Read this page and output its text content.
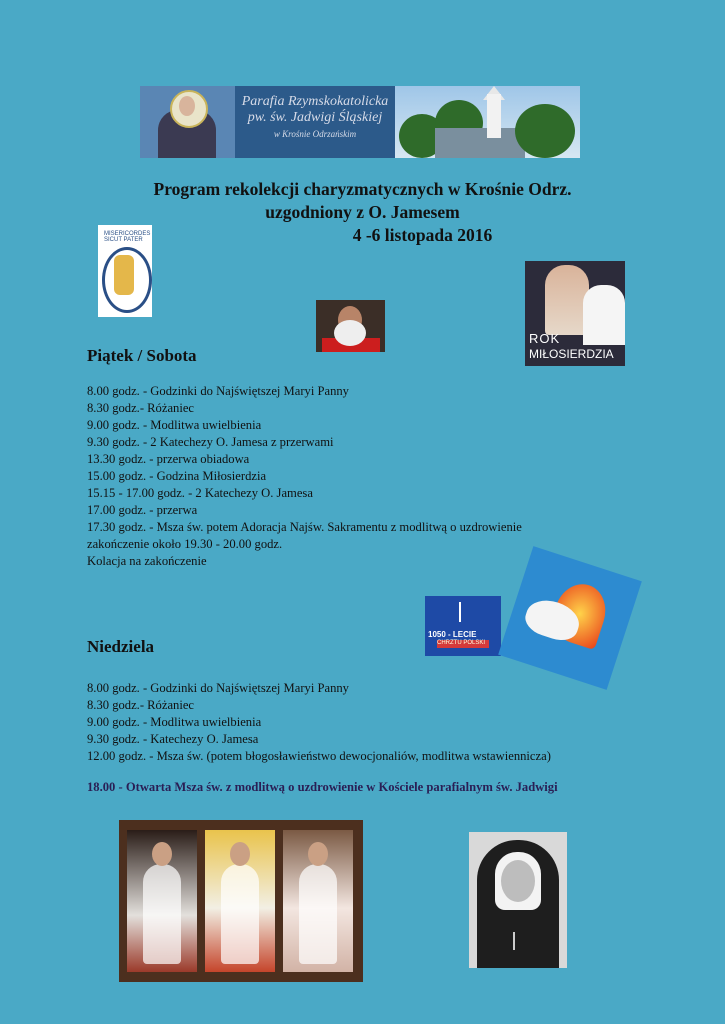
Parafia Rzymskokatolicka
pw. św. Jadwigi Śląskiej
w Krośnie Odrzańskim
Program rekolekcji charyzmatycznych w Krośnie Odrz.
uzgodniony z O. Jamesem
4 -6 listopada 2016
MISERICORDES SICUT PATER
ROK
MIŁOSIERDZIA
Piątek / Sobota
8.00 godz. - Godzinki do Najświętszej Maryi Panny
8.30 godz.- Różaniec
9.00 godz. - Modlitwa uwielbienia
9.30 godz. - 2 Katechezy O. Jamesa z przerwami
13.30 godz. - przerwa obiadowa
15.00 godz. - Godzina Miłosierdzia
15.15 - 17.00 godz. - 2 Katechezy O. Jamesa
17.00 godz. - przerwa
17.30 godz. - Msza św. potem Adoracja Najśw. Sakramentu z modlitwą o uzdrowienie
zakończenie około 19.30 - 20.00 godz.
Kolacja na zakończenie
1050 - LECIE
CHRZTU POLSKI
Niedziela
8.00 godz. - Godzinki do Najświętszej Maryi Panny
8.30 godz.- Różaniec
9.00 godz. - Modlitwa uwielbienia
9.30 godz. - Katechezy O. Jamesa
12.00 godz. - Msza św. (potem błogosławieństwo dewocjonaliów, modlitwa wstawiennicza)
18.00 - Otwarta Msza św. z modlitwą o uzdrowienie w Kościele parafialnym św. Jadwigi
